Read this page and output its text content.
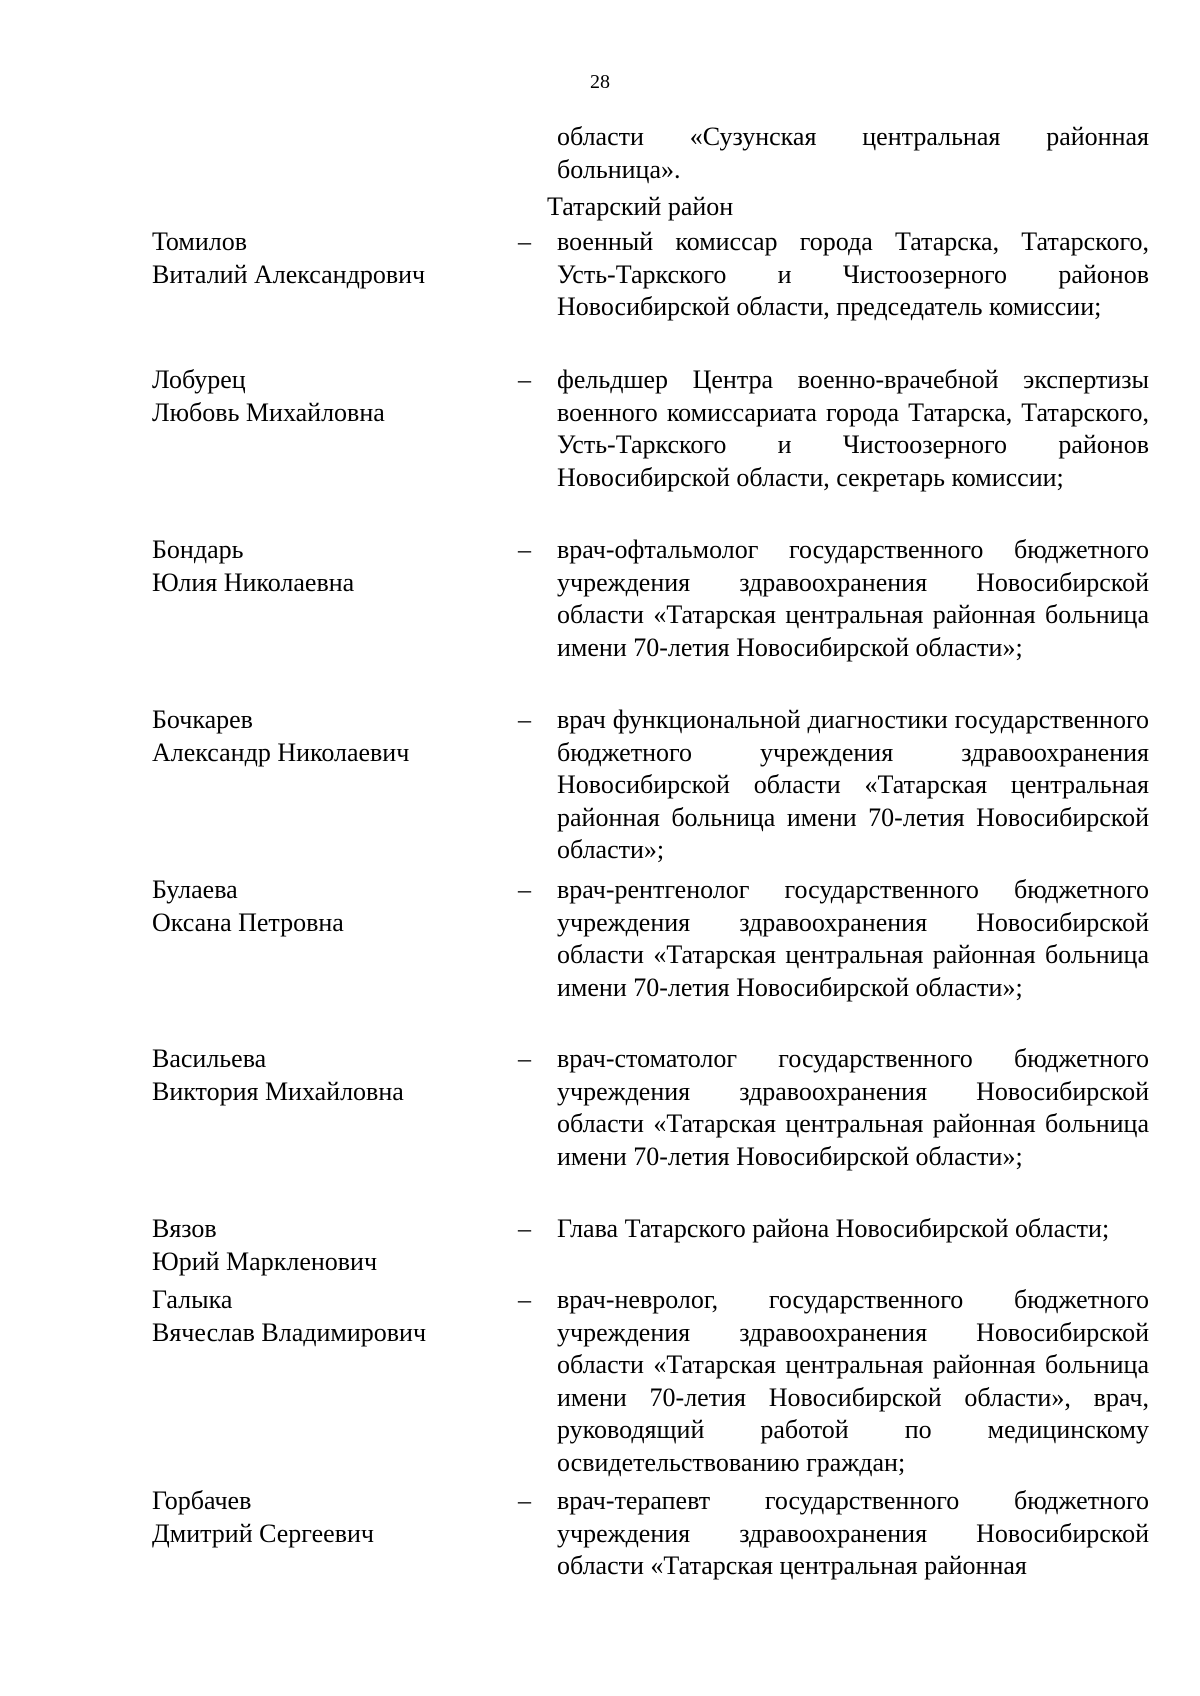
28
области «Сузунская центральная районная больница».
Татарский район
Томилов
Виталий Александрович
– военный комиссар города Татарска, Татарского, Усть-Таркского и Чистоозерного районов Новосибирской области, председатель комиссии;
Лобурец
Любовь Михайловна
– фельдшер Центра военно-врачебной экспертизы военного комиссариата города Татарска, Татарского, Усть-Таркского и Чистоозерного районов Новосибирской области, секретарь комиссии;
Бондарь
Юлия Николаевна
– врач-офтальмолог государственного бюджетного учреждения здравоохранения Новосибирской области «Татарская центральная районная больница имени 70-летия Новосибирской области»;
Бочкарев
Александр Николаевич
– врач функциональной диагностики государственного бюджетного учреждения здравоохранения Новосибирской области «Татарская центральная районная больница имени 70-летия Новосибирской области»;
Булаева
Оксана Петровна
– врач-рентгенолог государственного бюджетного учреждения здравоохранения Новосибирской области «Татарская центральная районная больница имени 70-летия Новосибирской области»;
Васильева
Виктория Михайловна
– врач-стоматолог государственного бюджетного учреждения здравоохранения Новосибирской области «Татарская центральная районная больница имени 70-летия Новосибирской области»;
Вязов
Юрий Маркленович
– Глава Татарского района Новосибирской области;
Галыка
Вячеслав Владимирович
– врач-невролог, государственного бюджетного учреждения здравоохранения Новосибирской области «Татарская центральная районная больница имени 70-летия Новосибирской области», врач, руководящий работой по медицинскому освидетельствованию граждан;
Горбачев
Дмитрий Сергеевич
– врач-терапевт государственного бюджетного учреждения здравоохранения Новосибирской области «Татарская центральная районная
